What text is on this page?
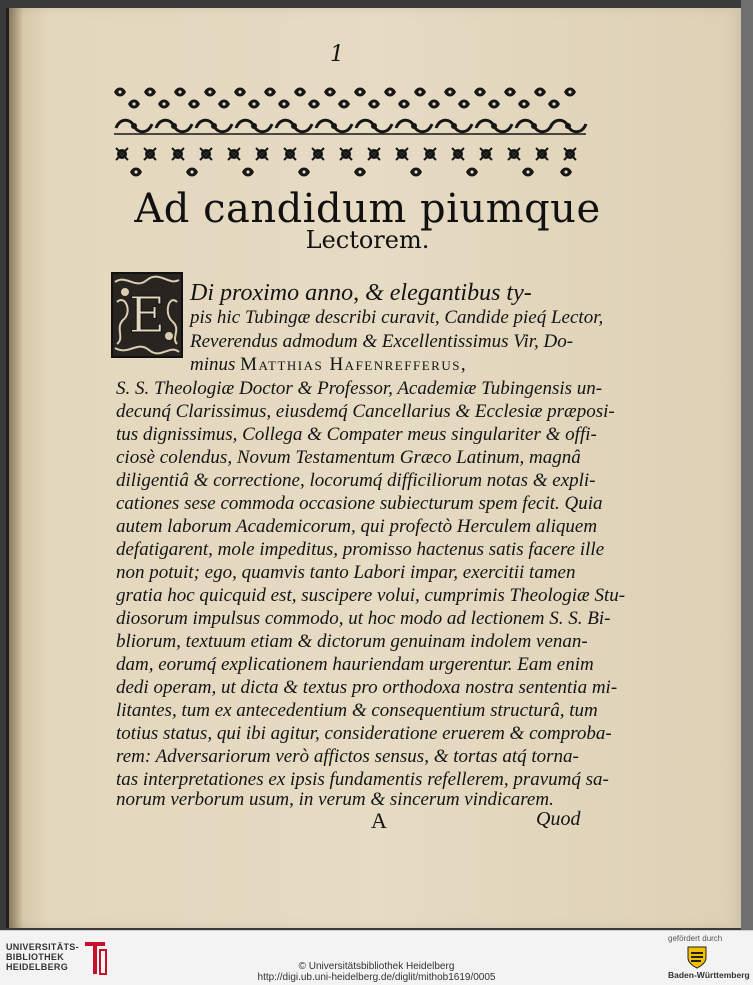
1
Ad candidum piumque
Lectorem.
E Di proximo anno, & elegantibus ty-
pis hic Tubingæ describi curavit, Candide pieq́ Lector,
Reverendus admodum & Excellentissimus Vir, Do-
minus Matthias Hafenrefferus,
S. S. Theologiæ Doctor & Professor, Academiæ Tubingensis un-
decunq́ Clarissimus, eiusdemq́ Cancellarius & Ecclesiæ præposi-
tus dignissimus, Collega & Compater meus singulariter & offi-
ciosè colendus, Novum Testamentum Græco Latinum, magnâ
diligentiâ & correctione, locorumq́ difficiliorum notas & expli-
cationes sese commoda occasione subiecturum spem fecit. Quia
autem laborum Academicorum, qui profectò Herculem aliquem
defatigarent, mole impeditus, promisso hactenus satis facere ille
non potuit; ego, quamvis tanto Labori impar, exercitii tamen
gratia hoc quicquid est, suscipere volui, cumprimis Theologiæ Stu-
diosorum impulsus commodo, ut hoc modo ad lectionem S. S. Bi-
bliorum, textuum etiam & dictorum genuinam indolem venan-
dam, eorumq́ explicationem hauriendam urgerentur. Eam enim
dedi operam, ut dicta & textus pro orthodoxa nostra sententia mi-
litantes, tum ex antecedentium & consequentium structurâ, tum
totius status, qui ibi agitur, consideratione eruerem & comproba-
rem: Adversariorum verò affictos sensus, & tortas atq́ tornа-
tas interpretationes ex ipsis fundamentis refellerem, pravumq́ sa-
norum verborum usum, in verum & sincerum vindicarem.
A	Quod
UNIVERSITÄTS-
BIBLIOTHEK
HEIDELBERG	© Universitätsbibliothek Heidelberg
http://digi.ub.uni-heidelberg.de/diglit/mithob1619/0005
gefördert durch
Baden-Württemberg
